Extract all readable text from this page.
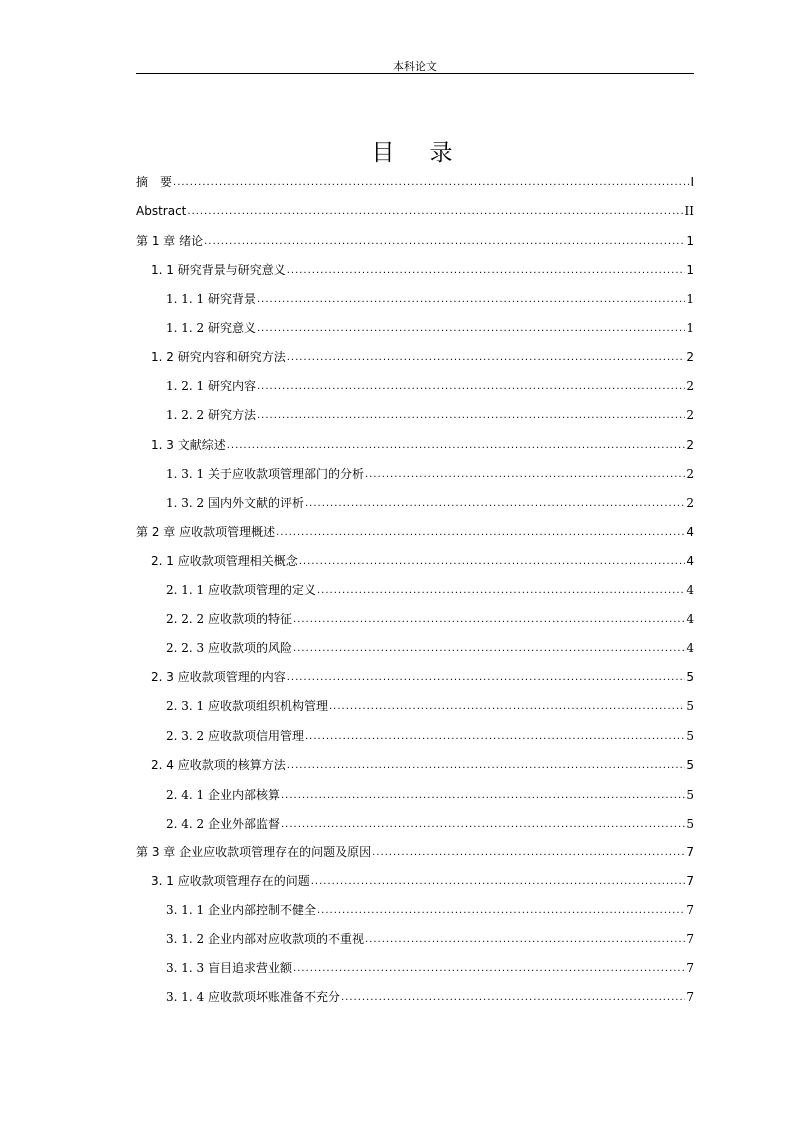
本科论文
目　录
摘　要 .....	I
Abstract .....	II
第 1 章 绪论 .....	1
1. 1 研究背景与研究意义 .....	1
1. 1. 1 研究背景 .....	1
1. 1. 2 研究意义 .....	1
1. 2 研究内容和研究方法 .....	2
1. 2. 1 研究内容 .....	2
1. 2. 2 研究方法 .....	2
1. 3 文献综述 .....	2
1. 3. 1 关于应收款项管理部门的分析 .....	2
1. 3. 2 国内外文献的评析 .....	2
第 2 章 应收款项管理概述 .....	4
2. 1 应收款项管理相关概念 .....	4
2. 1. 1 应收款项管理的定义 .....	4
2. 2. 2 应收款项的特征 .....	4
2. 2. 3 应收款项的风险 .....	4
2. 3 应收款项管理的内容 .....	5
2. 3. 1 应收款项组织机构管理 .....	5
2. 3. 2 应收款项信用管理 .....	5
2. 4 应收款项的核算方法 .....	5
2. 4. 1 企业内部核算 .....	5
2. 4. 2 企业外部监督 .....	5
第 3 章 企业应收款项管理存在的问题及原因 .....	7
3. 1 应收款项管理存在的问题 .....	7
3. 1. 1 企业内部控制不健全 .....	7
3. 1. 2 企业内部对应收款项的不重视 .....	7
3. 1. 3 盲目追求营业额 .....	7
3. 1. 4 应收款项坏账准备不充分 .....	7
